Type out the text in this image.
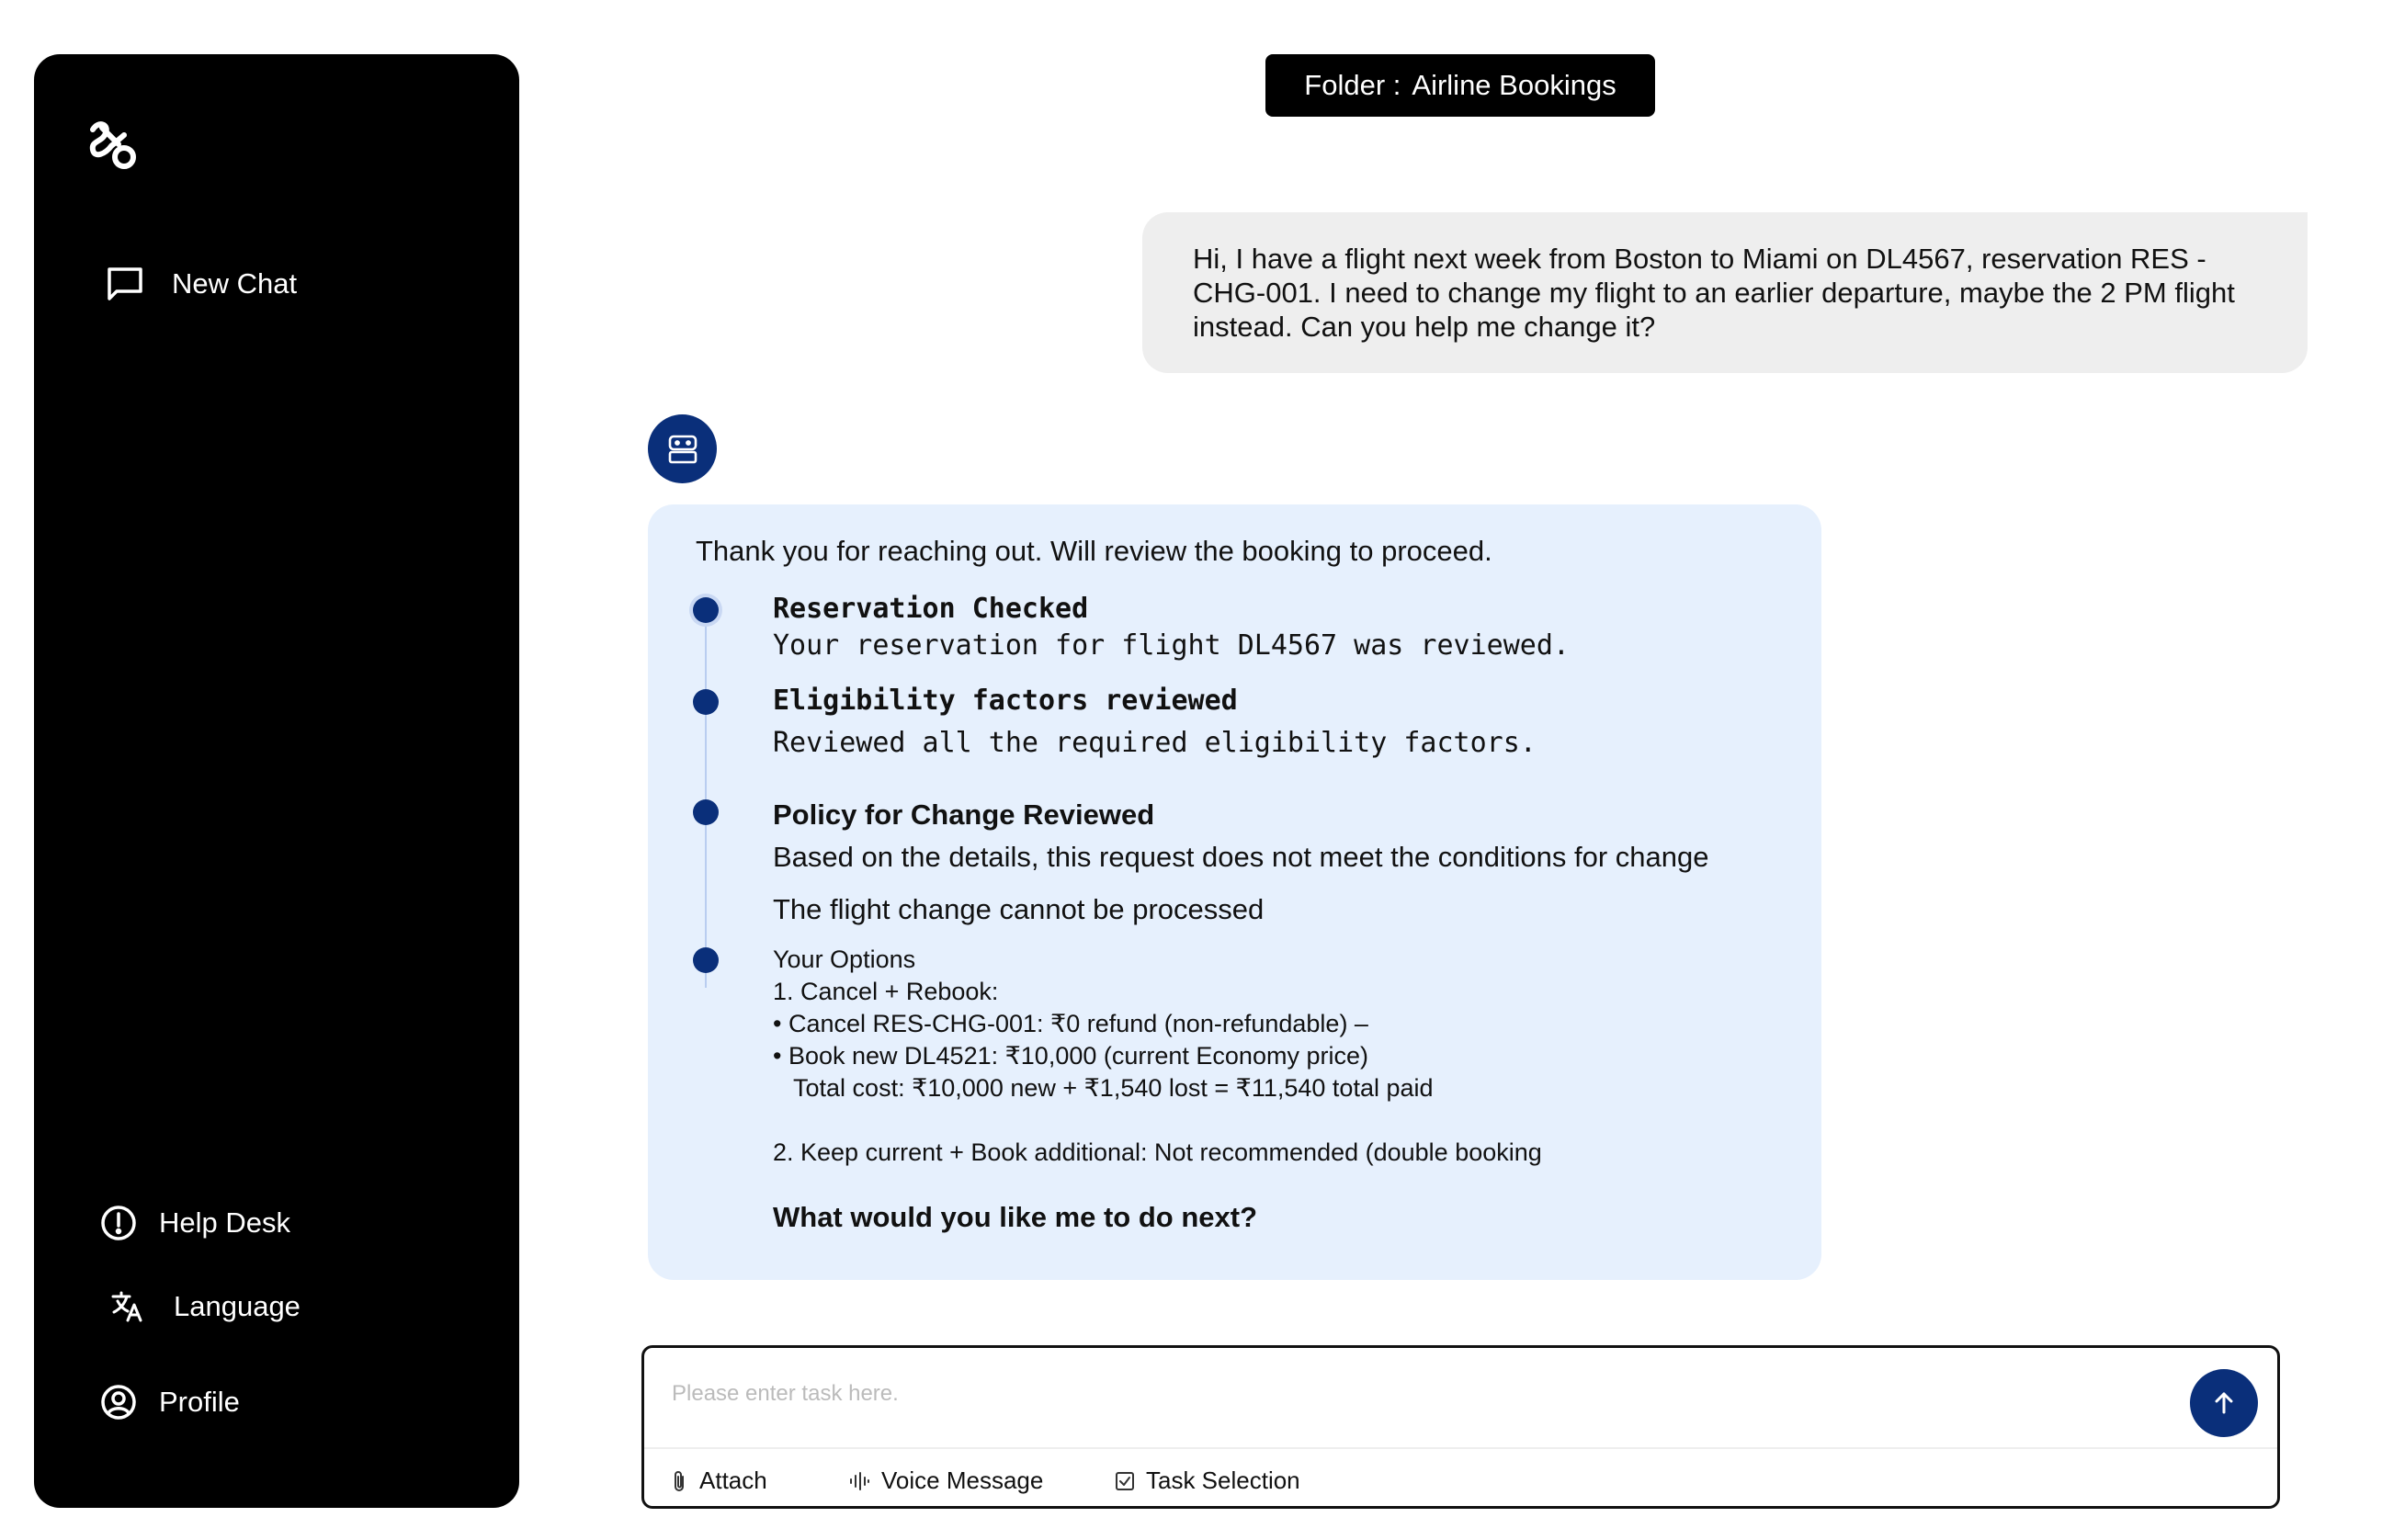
New Chat
Help Desk
Language
Profile
Folder : Airline Bookings
Hi, I have a flight next week from Boston to Miami on DL4567, reservation RES - CHG-001. I need to change my flight to an earlier departure, maybe the 2 PM flight instead. Can you help me change it?
Thank you for reaching out. Will review the booking to proceed.
Reservation Checked
Your reservation for flight DL4567 was reviewed.
Eligibility factors reviewed
Reviewed all the required eligibility factors.
Policy for Change Reviewed
Based on the details, this request does not meet the conditions for change
The flight change cannot be processed
Your Options
1. Cancel + Rebook:
• Cancel RES-CHG-001: ₹0 refund (non-refundable) –
• Book new DL4521: ₹10,000 (current Economy price)
Total cost: ₹10,000 new + ₹1,540 lost = ₹11,540 total paid
2. Keep current + Book additional: Not recommended (double booking
What would you like me to do next?
Please enter task here.
Attach	Voice Message	Task Selection
